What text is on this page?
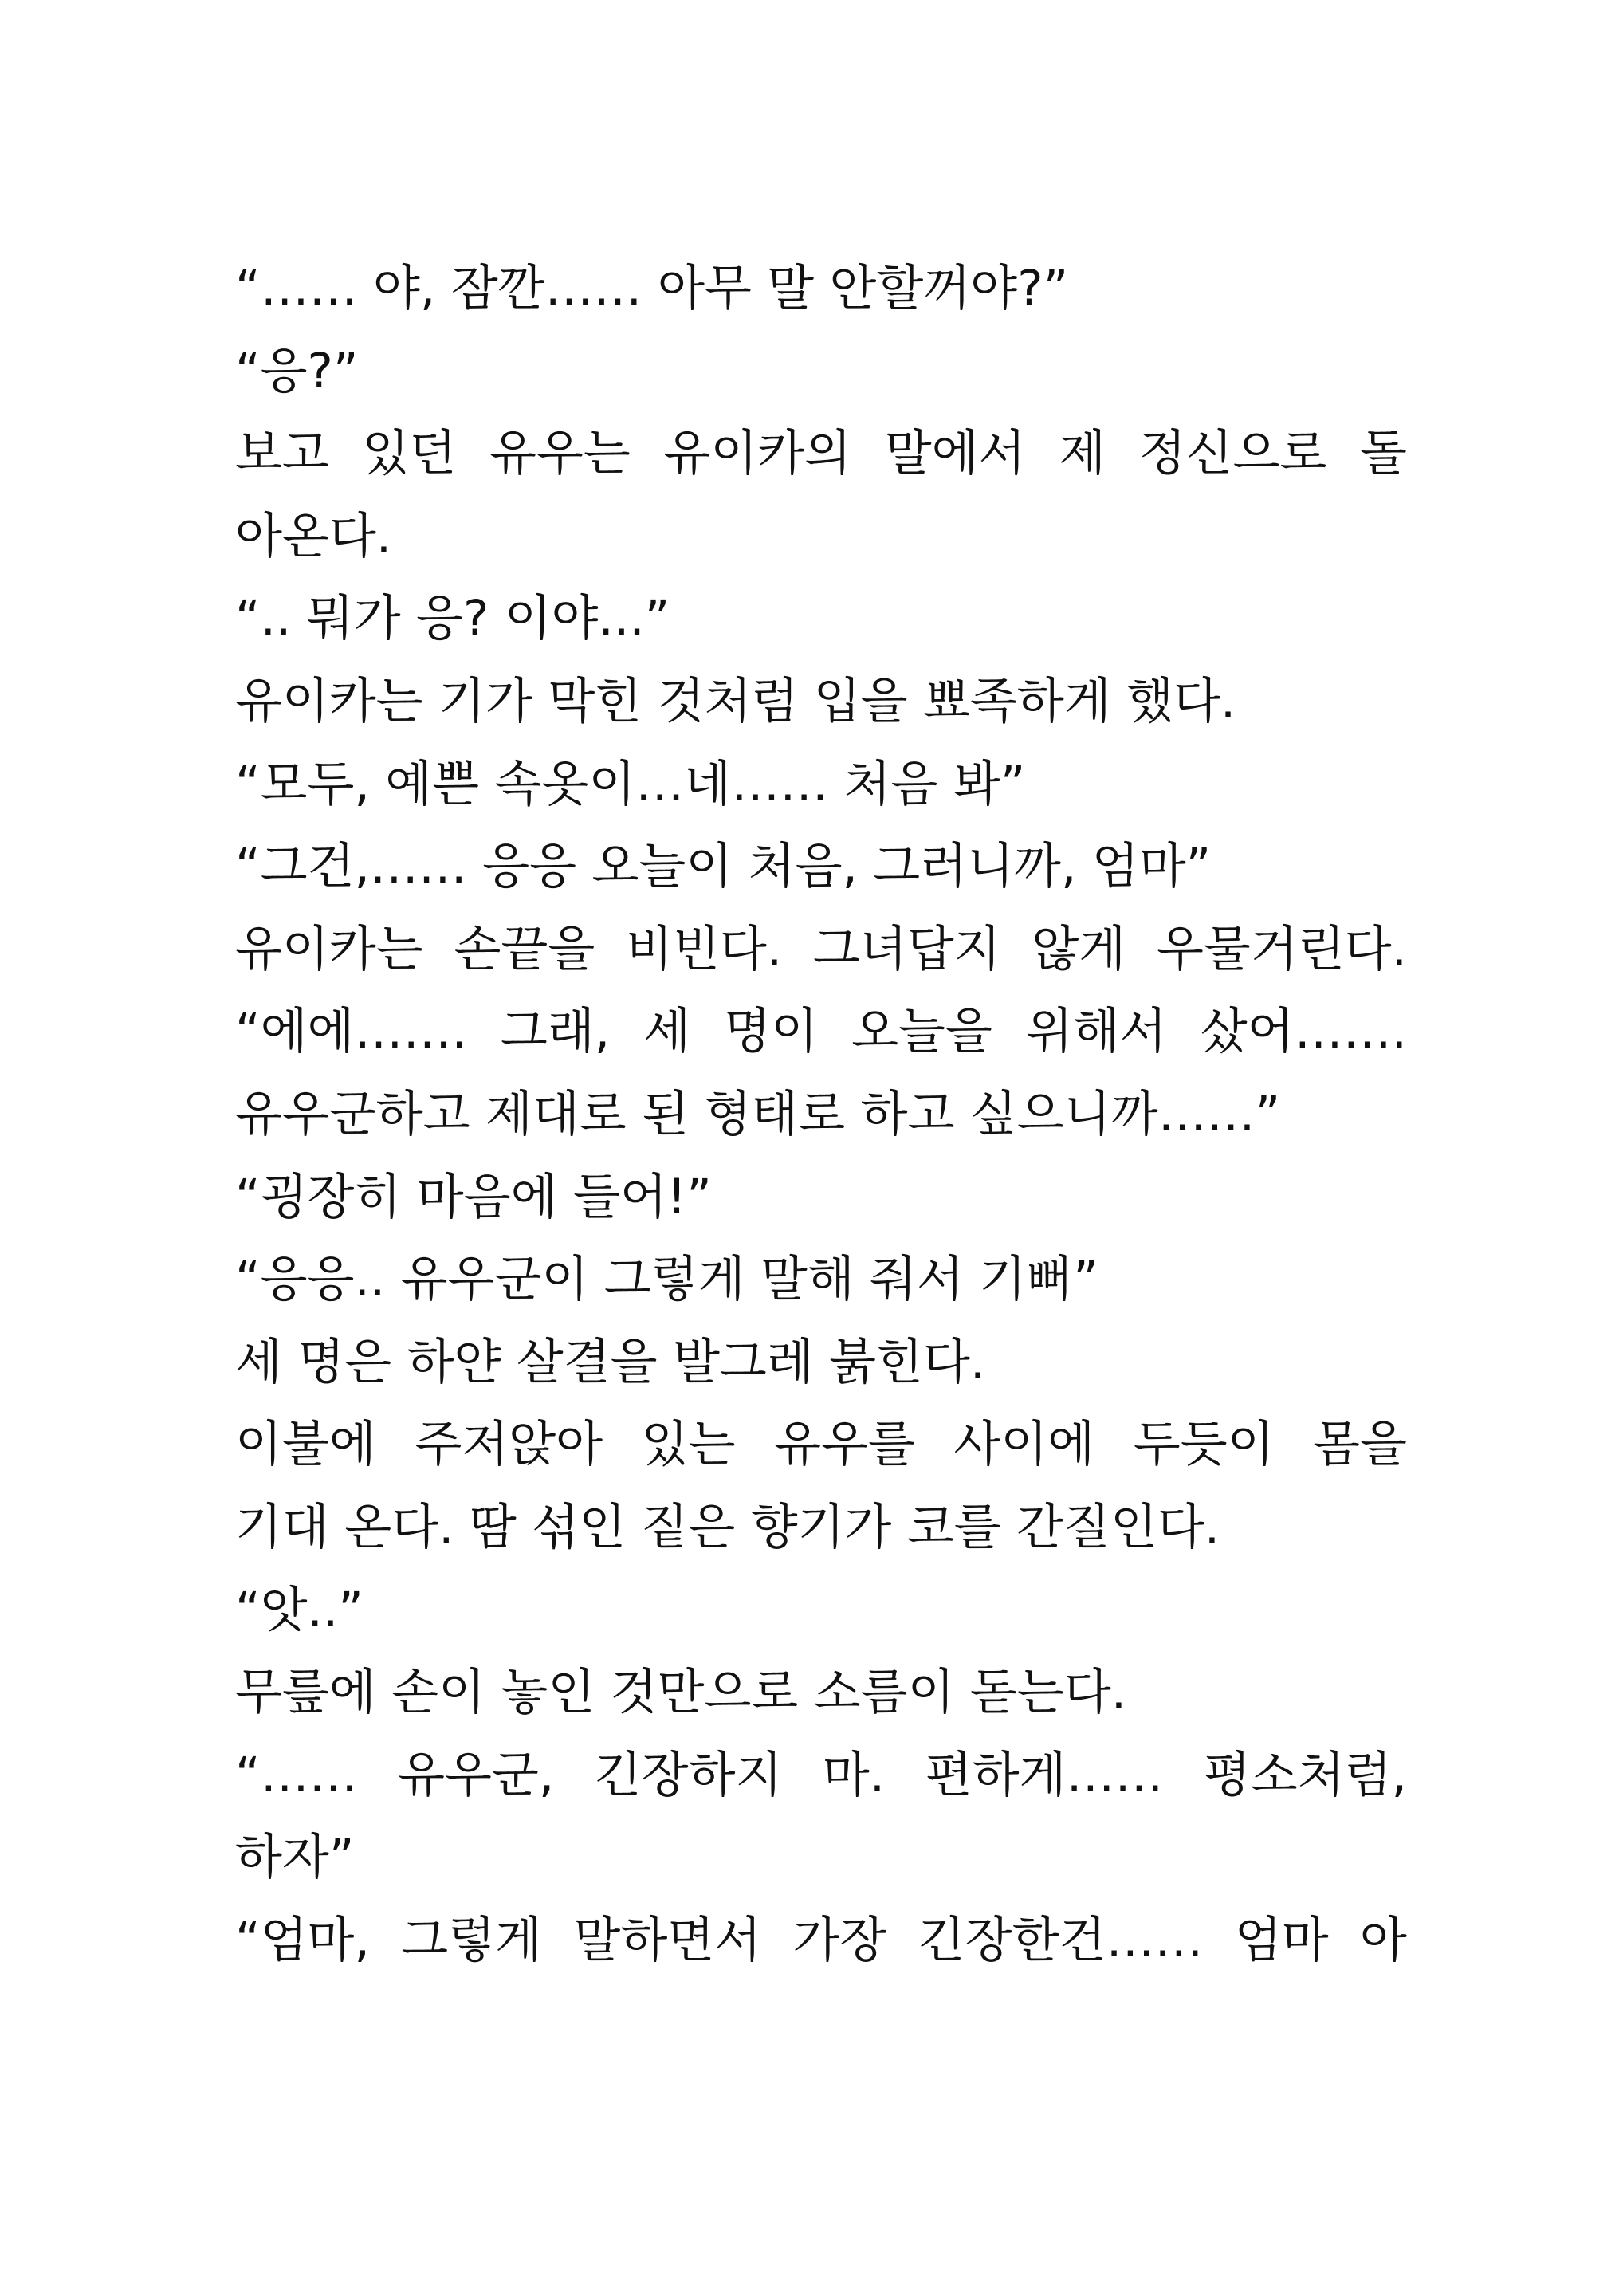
“…… 야, 잠깐…… 아무 말 안할꺼야?”
“응?”
보고 있던 유우는 유이카의 말에서 제 정신으로 돌
아온다.
“.. 뭐가 응? 이야...”
유이카는 기가 막힌 것처럼 입을 뾰족하게 했다.
“모두, 예쁜 속옷이…네…… 처음 봐”
“그건,…… 응응 오늘이 처음, 그러니까, 엄마”
유이카는 손끝을 비빈다. 그녀답지 않게 우물거린다.
“에에……. 그래, 세 명이 오늘을 위해서 샀어…….
유우군하고 제대로 된 형태로 하고 싶으니까……”
“굉장히 마음에 들어!”
“응응.. 유우군이 그렇게 말해 줘서 기뻐”
세 명은 하얀 살결을 발그레 붉힌다.
이불에 주저앉아 있는 유우를 사이에 두듯이 몸을
기대 온다. 땀 섞인 짙은 향기가 코를 간질인다.
“앗..”
무릎에 손이 놓인 것만으로 소름이 돋는다.
“…… 유우군, 긴장하지 마. 편하게…… 평소처럼,
하자”
“엄마, 그렇게 말하면서 가장 긴장한건…… 엄마 아
